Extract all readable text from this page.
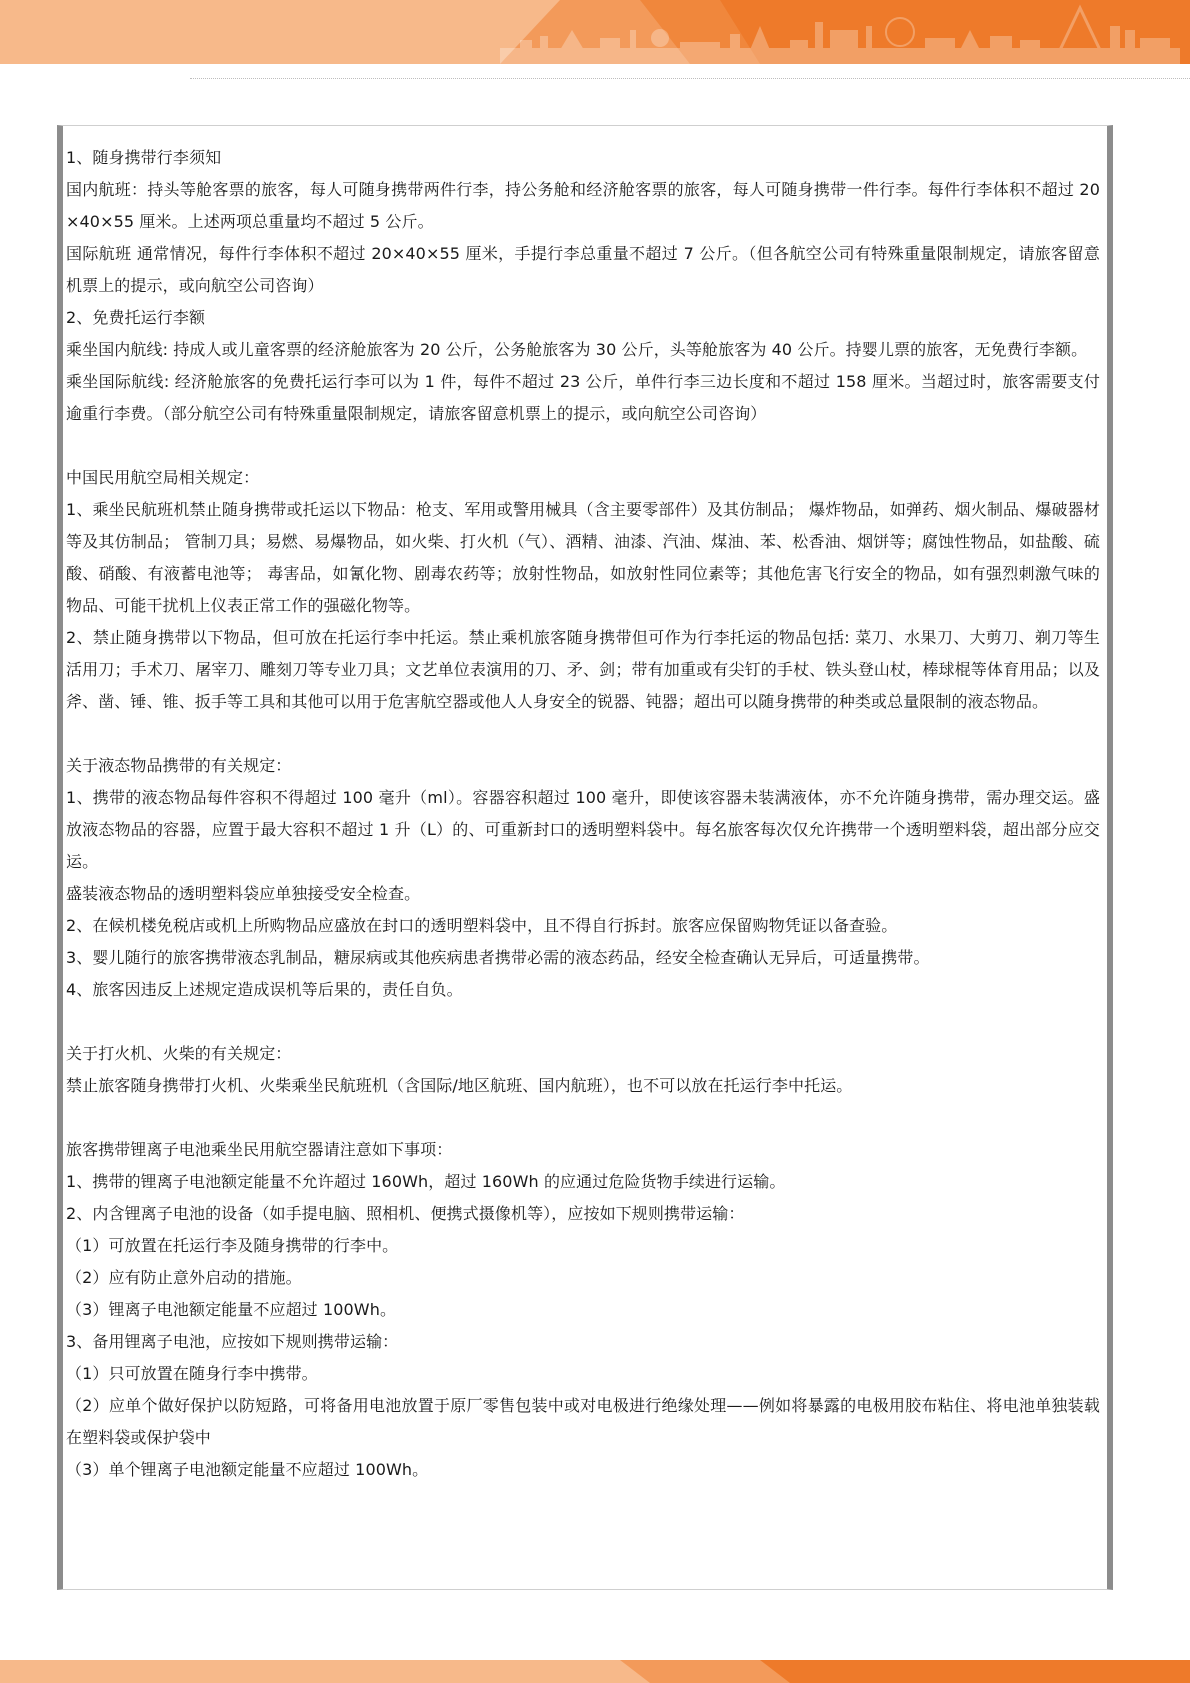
1、随身携带行李须知

国内航班：持头等舱客票的旅客，每人可随身携带两件行李，持公务舱和经济舱客票的旅客，每人可随身携带一件行李。每件行李体积不超过 20×40×55 厘米。上述两项总重量均不超过 5 公斤。

国际航班 通常情况，每件行李体积不超过 20×40×55 厘米，手提行李总重量不超过 7 公斤。（但各航空公司有特殊重量限制规定，请旅客留意机票上的提示，或向航空公司咨询）

2、免费托运行李额

乘坐国内航线: 持成人或儿童客票的经济舱旅客为 20 公斤，公务舱旅客为 30 公斤，头等舱旅客为 40 公斤。持婴儿票的旅客，无免费行李额。

乘坐国际航线: 经济舱旅客的免费托运行李可以为 1 件，每件不超过 23 公斤，单件行李三边长度和不超过 158 厘米。当超过时，旅客需要支付逾重行李费。（部分航空公司有特殊重量限制规定，请旅客留意机票上的提示，或向航空公司咨询）

中国民用航空局相关规定：

1、乘坐民航班机禁止随身携带或托运以下物品：枪支、军用或警用械具（含主要零部件）及其仿制品； 爆炸物品，如弹药、烟火制品、爆破器材等及其仿制品； 管制刀具；易燃、易爆物品，如火柴、打火机（气）、酒精、油漆、汽油、煤油、苯、松香油、烟饼等；腐蚀性物品，如盐酸、硫酸、硝酸、有液蓄电池等； 毒害品，如氰化物、剧毒农药等；放射性物品，如放射性同位素等；其他危害飞行安全的物品，如有强烈刺激气味的物品、可能干扰机上仪表正常工作的强磁化物等。

2、禁止随身携带以下物品，但可放在托运行李中托运。禁止乘机旅客随身携带但可作为行李托运的物品包括: 菜刀、水果刀、大剪刀、剃刀等生活用刀；手术刀、屠宰刀、雕刻刀等专业刀具；文艺单位表演用的刀、矛、剑；带有加重或有尖钉的手杖、铁头登山杖，棒球棍等体育用品；以及斧、凿、锤、锥、扳手等工具和其他可以用于危害航空器或他人人身安全的锐器、钝器；超出可以随身携带的种类或总量限制的液态物品。

关于液态物品携带的有关规定：

1、携带的液态物品每件容积不得超过 100 毫升（ml）。容器容积超过 100 毫升，即使该容器未装满液体，亦不允许随身携带，需办理交运。盛放液态物品的容器，应置于最大容积不超过 1 升（L）的、可重新封口的透明塑料袋中。每名旅客每次仅允许携带一个透明塑料袋，超出部分应交运。

盛装液态物品的透明塑料袋应单独接受安全检查。

2、在候机楼免税店或机上所购物品应盛放在封口的透明塑料袋中，且不得自行拆封。旅客应保留购物凭证以备查验。

3、婴儿随行的旅客携带液态乳制品，糖尿病或其他疾病患者携带必需的液态药品，经安全检查确认无异后，可适量携带。

4、旅客因违反上述规定造成误机等后果的，责任自负。

关于打火机、火柴的有关规定：

禁止旅客随身携带打火机、火柴乘坐民航班机（含国际/地区航班、国内航班），也不可以放在托运行李中托运。

旅客携带锂离子电池乘坐民用航空器请注意如下事项：

1、携带的锂离子电池额定能量不允许超过 160Wh，超过 160Wh 的应通过危险货物手续进行运输。

2、内含锂离子电池的设备（如手提电脑、照相机、便携式摄像机等），应按如下规则携带运输：

（1）可放置在托运行李及随身携带的行李中。

（2）应有防止意外启动的措施。

（3）锂离子电池额定能量不应超过 100Wh。

3、备用锂离子电池，应按如下规则携带运输：

（1）只可放置在随身行李中携带。

（2）应单个做好保护以防短路，可将备用电池放置于原厂零售包装中或对电极进行绝缘处理——例如将暴露的电极用胶布粘住、将电池单独装载在塑料袋或保护袋中

（3）单个锂离子电池额定能量不应超过 100Wh。
